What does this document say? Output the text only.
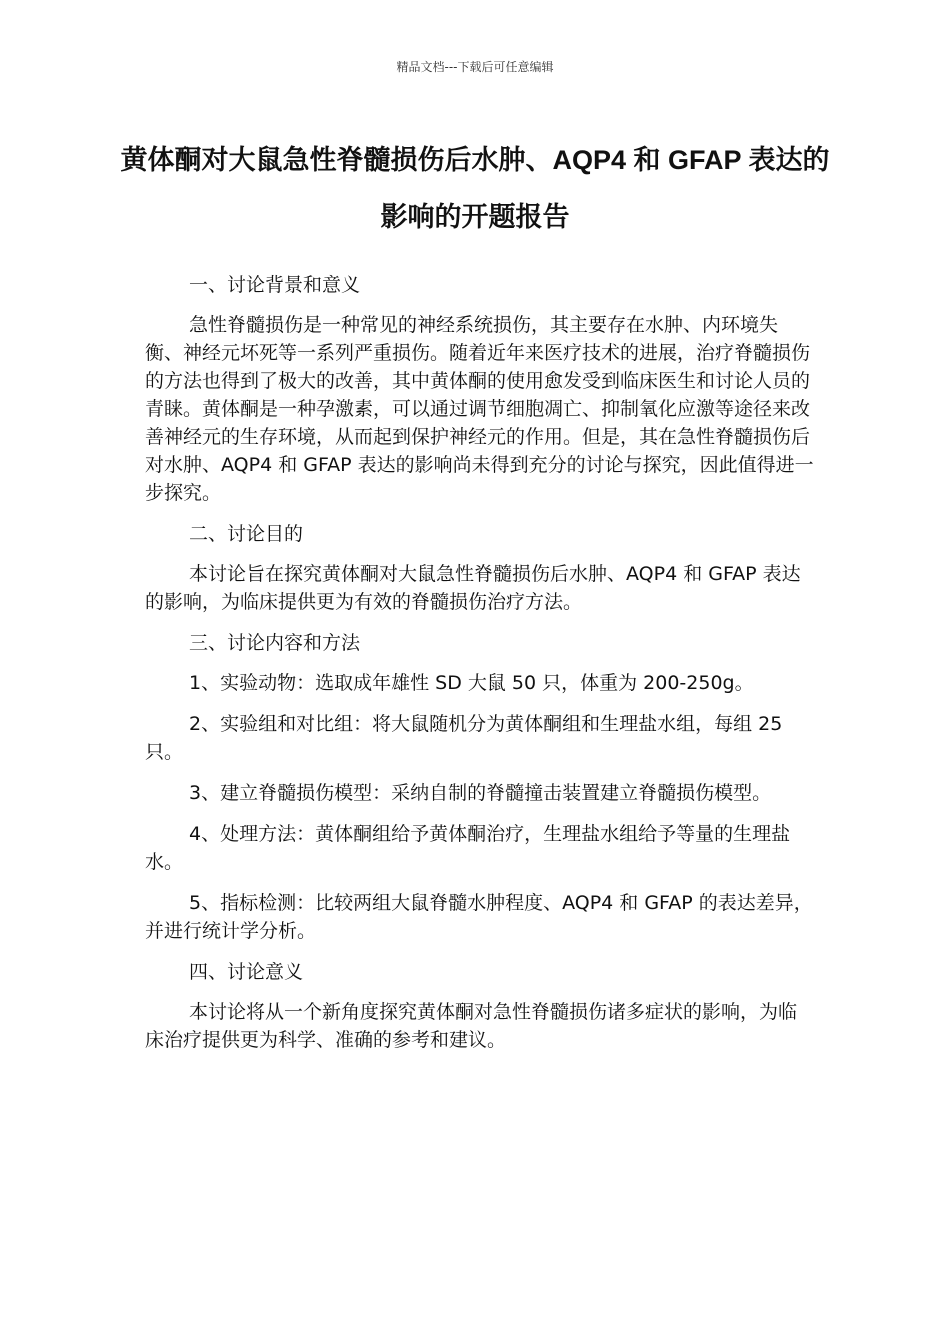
精品文档---下载后可任意编辑
黄体酮对大鼠急性脊髓损伤后水肿、AQP4 和 GFAP 表达的影响的开题报告

一、讨论背景和意义

急性脊髓损伤是一种常见的神经系统损伤，其主要存在水肿、内环境失衡、神经元坏死等一系列严重损伤。随着近年来医疗技术的进展，治疗脊髓损伤的方法也得到了极大的改善，其中黄体酮的使用愈发受到临床医生和讨论人员的青睐。黄体酮是一种孕激素，可以通过调节细胞凋亡、抑制氧化应激等途径来改善神经元的生存环境，从而起到保护神经元的作用。但是，其在急性脊髓损伤后对水肿、AQP4 和 GFAP 表达的影响尚未得到充分的讨论与探究，因此值得进一步探究。

二、讨论目的

本讨论旨在探究黄体酮对大鼠急性脊髓损伤后水肿、AQP4 和 GFAP 表达的影响，为临床提供更为有效的脊髓损伤治疗方法。

三、讨论内容和方法

1、实验动物：选取成年雄性 SD 大鼠 50 只，体重为 200-250g。

2、实验组和对比组：将大鼠随机分为黄体酮组和生理盐水组，每组 25 只。

3、建立脊髓损伤模型：采纳自制的脊髓撞击装置建立脊髓损伤模型。

4、处理方法：黄体酮组给予黄体酮治疗，生理盐水组给予等量的生理盐水。

5、指标检测：比较两组大鼠脊髓水肿程度、AQP4 和 GFAP 的表达差异，并进行统计学分析。

四、讨论意义

本讨论将从一个新角度探究黄体酮对急性脊髓损伤诸多症状的影响，为临床治疗提供更为科学、准确的参考和建议。
